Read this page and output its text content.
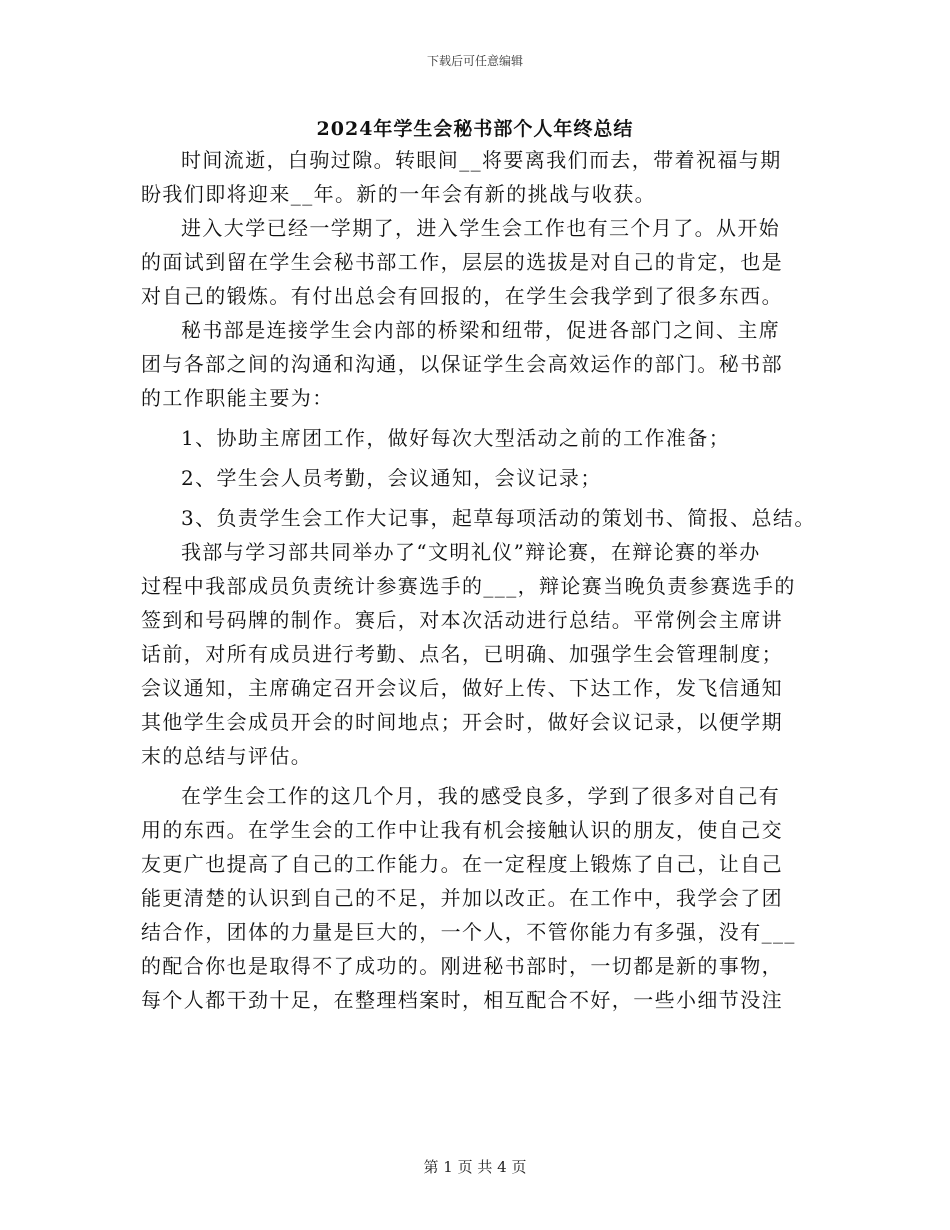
下载后可任意编辑
2024年学生会秘书部个人年终总结

时间流逝，白驹过隙。转眼间__将要离我们而去，带着祝福与期
盼我们即将迎来__年。新的一年会有新的挑战与收获。

进入大学已经一学期了，进入学生会工作也有三个月了。从开始
的面试到留在学生会秘书部工作，层层的选拔是对自己的肯定，也是
对自己的锻炼。有付出总会有回报的，在学生会我学到了很多东西。

秘书部是连接学生会内部的桥梁和纽带，促进各部门之间、主席
团与各部之间的沟通和沟通，以保证学生会高效运作的部门。秘书部
的工作职能主要为：

1、协助主席团工作，做好每次大型活动之前的工作准备；

2、学生会人员考勤，会议通知，会议记录；

3、负责学生会工作大记事，起草每项活动的策划书、简报、总结。

我部与学习部共同举办了“文明礼仪”辩论赛，在辩论赛的举办
过程中我部成员负责统计参赛选手的___，辩论赛当晚负责参赛选手的
签到和号码牌的制作。赛后，对本次活动进行总结。平常例会主席讲
话前，对所有成员进行考勤、点名，已明确、加强学生会管理制度；
会议通知，主席确定召开会议后，做好上传、下达工作，发飞信通知
其他学生会成员开会的时间地点；开会时，做好会议记录，以便学期
末的总结与评估。

在学生会工作的这几个月，我的感受良多，学到了很多对自己有
用的东西。在学生会的工作中让我有机会接触认识的朋友，使自己交
友更广也提高了自己的工作能力。在一定程度上锻炼了自己，让自己
能更清楚的认识到自己的不足，并加以改正。在工作中，我学会了团
结合作，团体的力量是巨大的，一个人，不管你能力有多强，没有___
的配合你也是取得不了成功的。刚进秘书部时，一切都是新的事物，
每个人都干劲十足，在整理档案时，相互配合不好，一些小细节没注

第 1 页 共 4 页
